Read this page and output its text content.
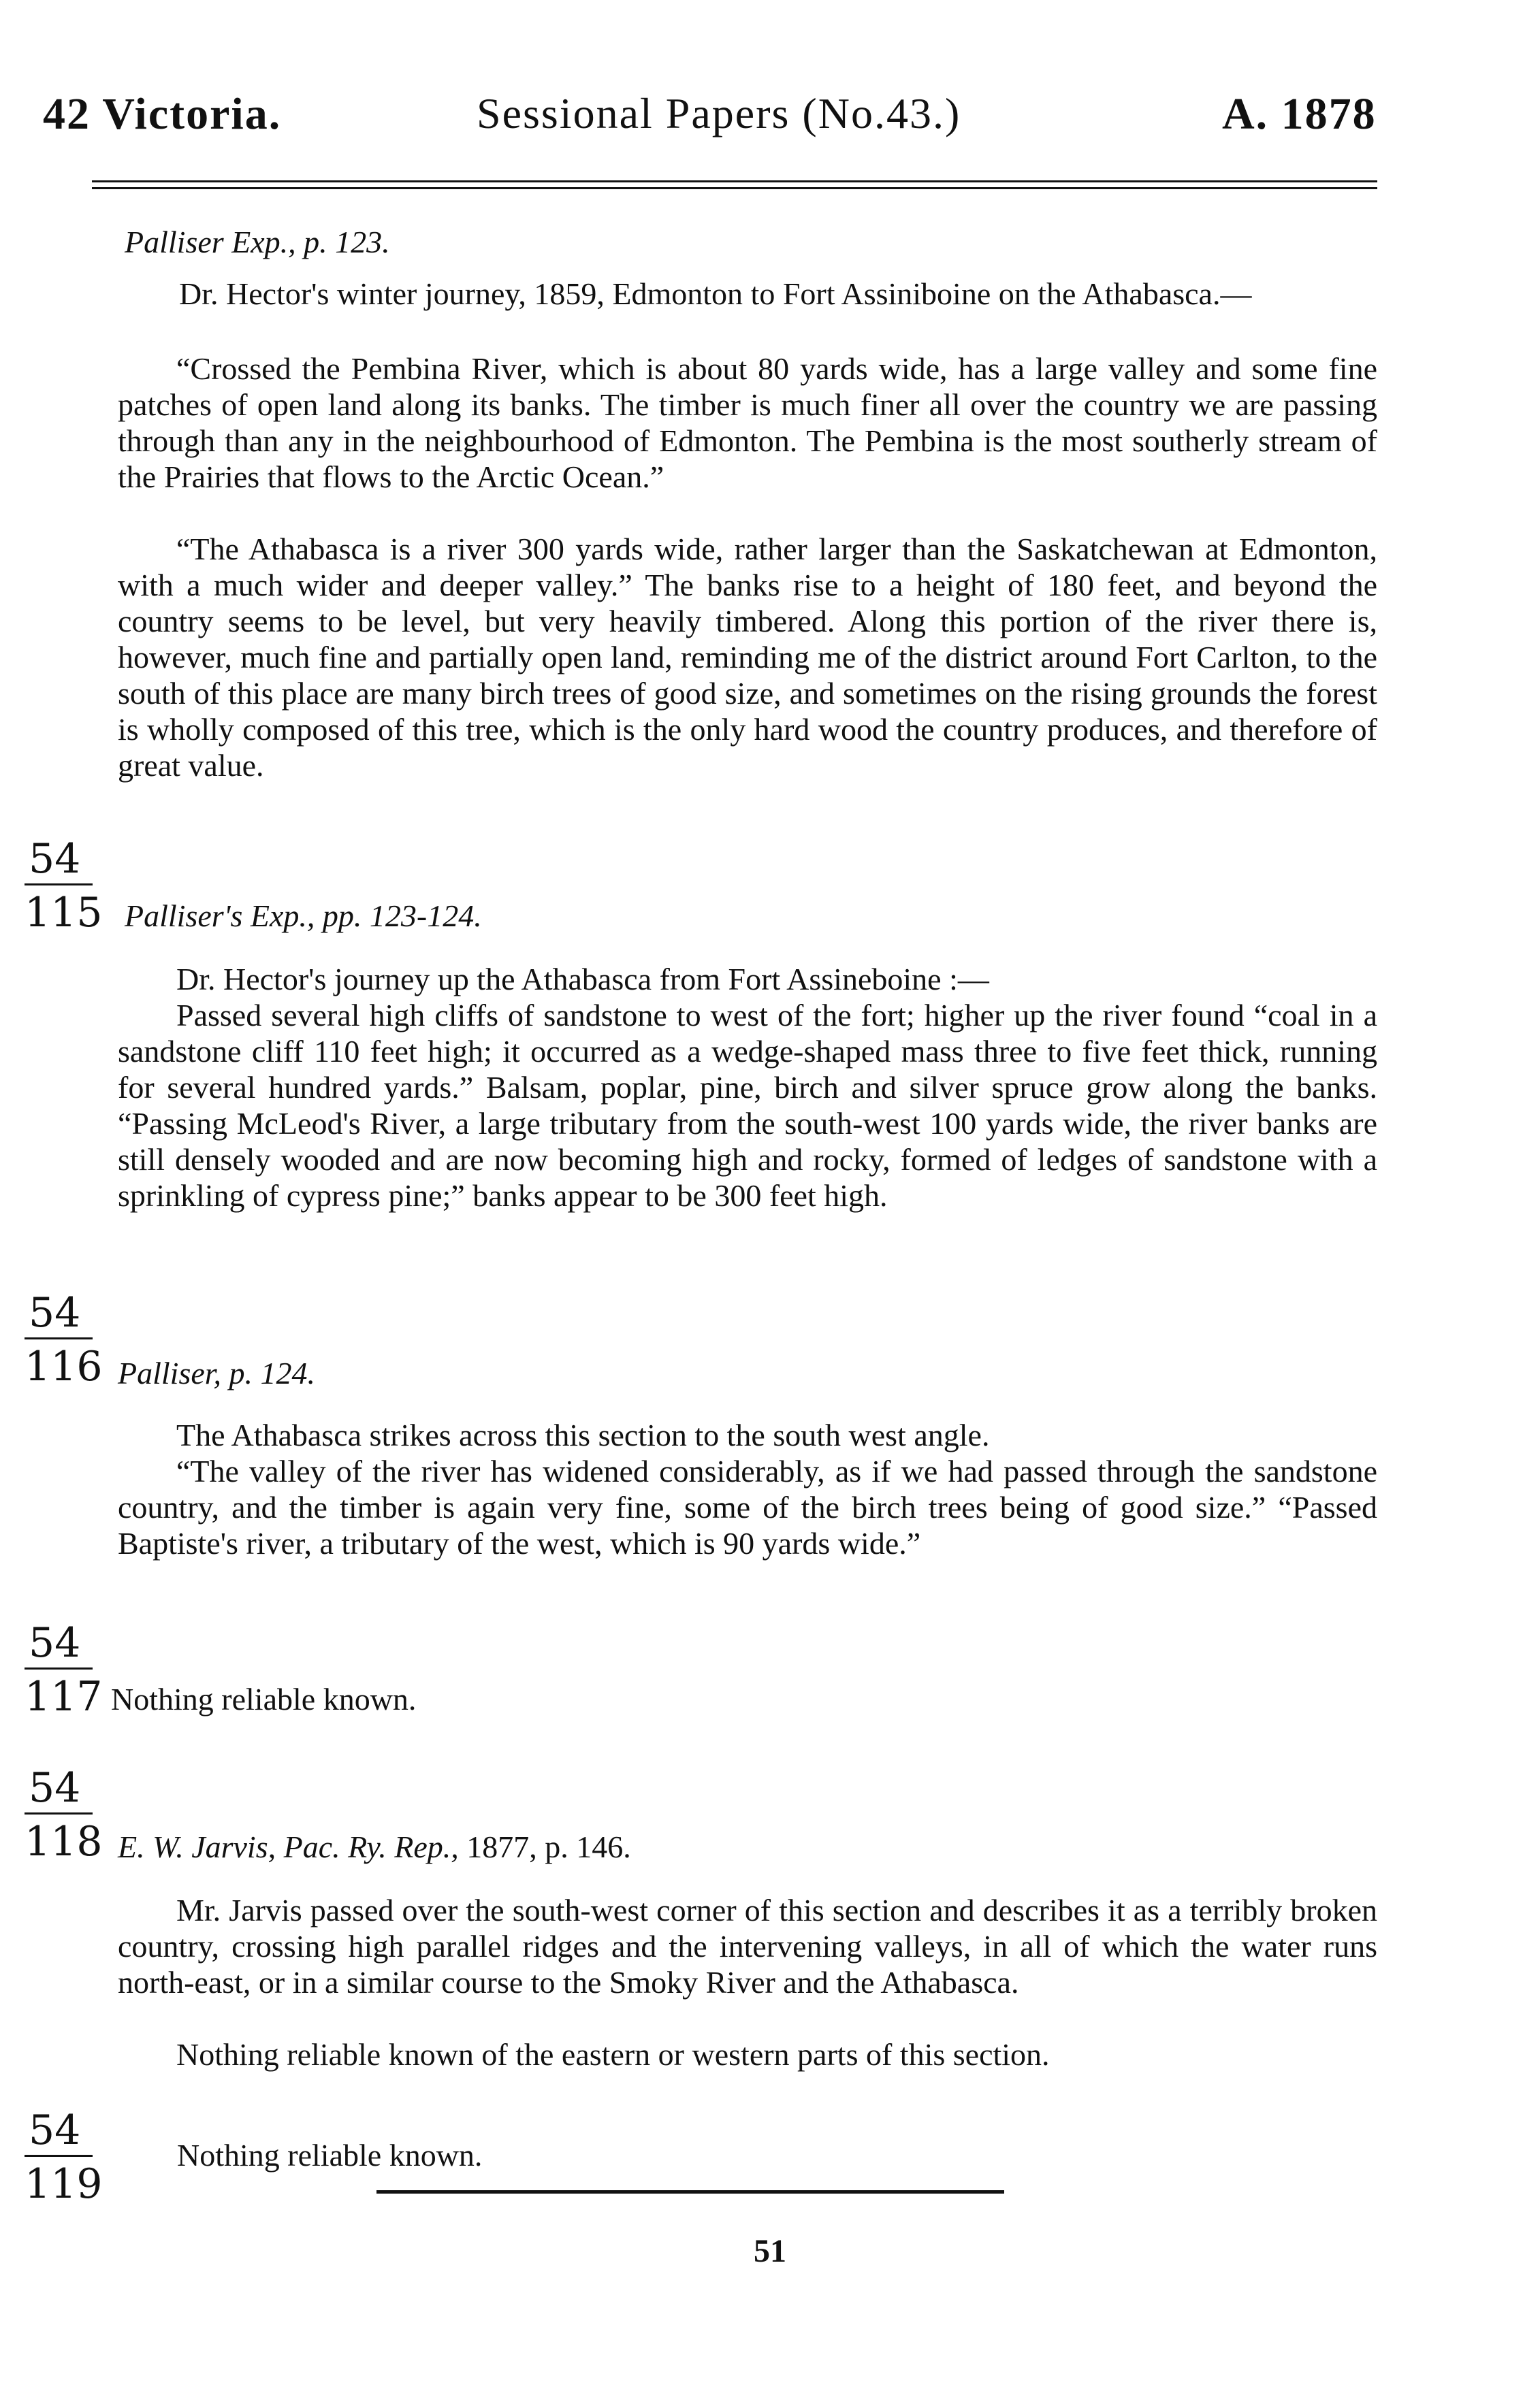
42 Victoria.	Sessional Papers (No.43.)	A. 1878
Palliser Exp., p. 123.
Dr. Hector's winter journey, 1859, Edmonton to Fort Assiniboine on the Athabasca.—
“Crossed the Pembina River, which is about 80 yards wide, has a large valley and some fine patches of open land along its banks. The timber is much finer all over the country we are passing through than any in the neighbourhood of Edmonton. The Pembina is the most southerly stream of the Prairies that flows to the Arctic Ocean.”
“The Athabasca is a river 300 yards wide, rather larger than the Saskatchewan at Edmonton, with a much wider and deeper valley.” The banks rise to a height of 180 feet, and beyond the country seems to be level, but very heavily timbered. Along this portion of the river there is, however, much fine and partially open land, reminding me of the district around Fort Carlton, to the south of this place are many birch trees of good size, and sometimes on the rising grounds the forest is wholly composed of this tree, which is the only hard wood the country produces, and therefore of great value.
54
115 Palliser's Exp., pp. 123-124.
Dr. Hector's journey up the Athabasca from Fort Assineboine :—
Passed several high cliffs of sandstone to west of the fort; higher up the river found “coal in a sandstone cliff 110 feet high; it occurred as a wedge-shaped mass three to five feet thick, running for several hundred yards.” Balsam, poplar, pine, birch and silver spruce grow along the banks. “Passing McLeod's River, a large tributary from the south-west 100 yards wide, the river banks are still densely wooded and are now becoming high and rocky, formed of ledges of sandstone with a sprinkling of cypress pine;” banks appear to be 300 feet high.
54
116 Palliser, p. 124.
The Athabasca strikes across this section to the south west angle.
“The valley of the river has widened considerably, as if we had passed through the sandstone country, and the timber is again very fine, some of the birch trees being of good size.” “Passed Baptiste's river, a tributary of the west, which is 90 yards wide.”
54
117 Nothing reliable known.
54
118 E. W. Jarvis, Pac. Ry. Rep., 1877, p. 146.
Mr. Jarvis passed over the south-west corner of this section and describes it as a terribly broken country, crossing high parallel ridges and the intervening valleys, in all of which the water runs north-east, or in a similar course to the Smoky River and the Athabasca.
Nothing reliable known of the eastern or western parts of this section.
54
119
Nothing reliable known.
51
